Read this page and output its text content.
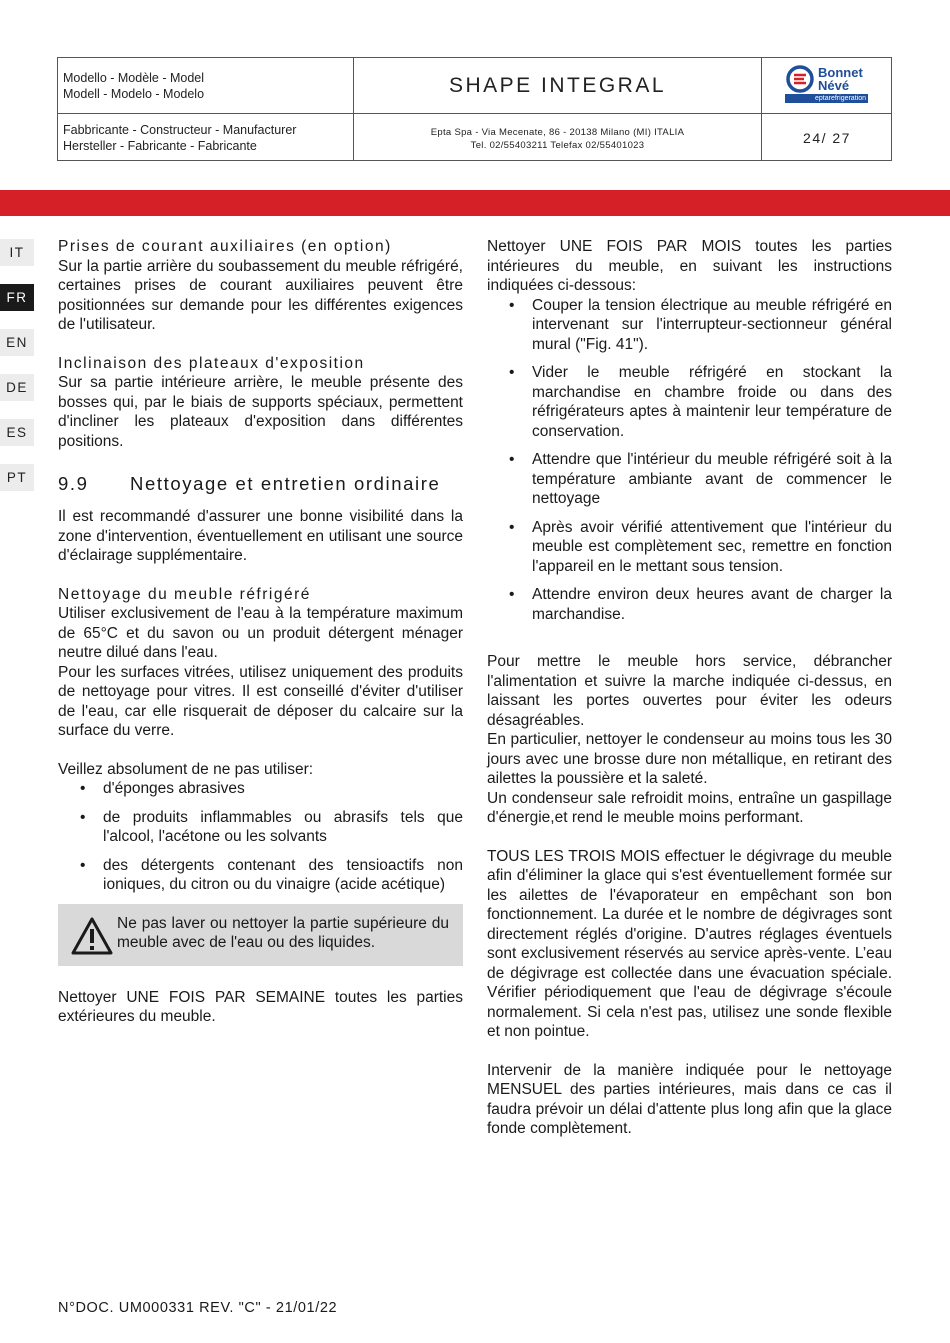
Modello - Modèle - Model
Modell - Modelo - Modelo	SHAPE INTEGRAL
Fabbricante - Constructeur - Manufacturer
Hersteller - Fabricante - Fabricante
Epta Spa - Via Mecenate, 86 - 20138 Milano (MI) ITALIA
Tel. 02/55403211 Telefax 02/55401023	24/ 27
Bonnet
Névé
eptarefrigeration
IT
FR
EN
DE
ES
PT

Prises de courant auxiliaires (en option)

Sur la partie arrière du soubassement du meuble réfrigéré, certaines prises de courant auxiliaires peuvent être positionnées sur demande pour les différentes exigences de l'utilisateur.

Inclinaison des plateaux d'exposition

Sur sa partie intérieure arrière, le meuble présente des bosses qui, par le biais de supports spéciaux, permettent d'incliner les plateaux d'exposition dans différentes positions.

9.9	Nettoyage et entretien ordinaire

Il est recommandé d'assurer une bonne visibilité dans la zone d'intervention, éventuellement en utilisant une source d'éclairage supplémentaire.

Nettoyage du meuble réfrigéré

Utiliser exclusivement de l'eau à la température maximum de 65°C et du savon ou un produit détergent ménager neutre dilué dans l'eau.

Pour les surfaces vitrées, utilisez uniquement des produits de nettoyage pour vitres. Il est conseillé d'éviter d'utiliser de l'eau, car elle risquerait de déposer du calcaire sur la surface du verre.

Veillez absolument de ne pas utiliser:

• d'éponges abrasives
• de produits inflammables ou abrasifs tels que l'alcool, l'acétone ou les solvants
• des détergents contenant des tensioactifs non ioniques, du citron ou du vinaigre (acide acétique)

Ne pas laver ou nettoyer la partie supérieure du meuble avec de l'eau ou des liquides.

Nettoyer UNE FOIS PAR SEMAINE toutes les parties extérieures du meuble.

Nettoyer UNE FOIS PAR MOIS toutes les parties intérieures du meuble, en suivant les instructions indiquées ci-dessous:

• Couper la tension électrique au meuble réfrigéré en intervenant sur l'interrupteur-sectionneur général mural ("Fig. 41").
• Vider le meuble réfrigéré en stockant la marchandise en chambre froide ou dans des réfrigérateurs aptes à maintenir leur température de conservation.
• Attendre que l'intérieur du meuble réfrigéré soit à la température ambiante avant de commencer le nettoyage
• Après avoir vérifié attentivement que l'intérieur du meuble est complètement sec, remettre en fonction l'appareil en le mettant sous tension.
• Attendre environ deux heures avant de charger la marchandise.

Pour mettre le meuble hors service, débrancher l'alimentation et suivre la marche indiquée ci-dessus, en laissant les portes ouvertes pour éviter les odeurs désagréables.

En particulier, nettoyer le condenseur au moins tous les 30 jours avec une brosse dure non métallique, en retirant des ailettes la poussière et la saleté.

Un condenseur sale refroidit moins, entraîne un gaspillage d'énergie,et rend le meuble moins performant.

TOUS LES TROIS MOIS effectuer le dégivrage du meuble afin d'éliminer la glace qui s'est éventuellement formée sur les ailettes de l'évaporateur en empêchant son bon fonctionnement. La durée et le nombre de dégivrages sont directement réglés d'origine. D'autres réglages éventuels sont exclusivement réservés au service après-vente. L’eau de dégivrage est collectée dans une évacuation spéciale. Vérifier périodiquement que l'eau de dégivrage s'écoule normalement. Si cela n'est pas, utilisez une sonde flexible et non pointue.

Intervenir de la manière indiquée pour le nettoyage MENSUEL des parties intérieures, mais dans ce cas il faudra prévoir un délai d'attente plus long afin que la glace fonde complètement.

N°DOC. UM000331 REV. "C" - 21/01/22
